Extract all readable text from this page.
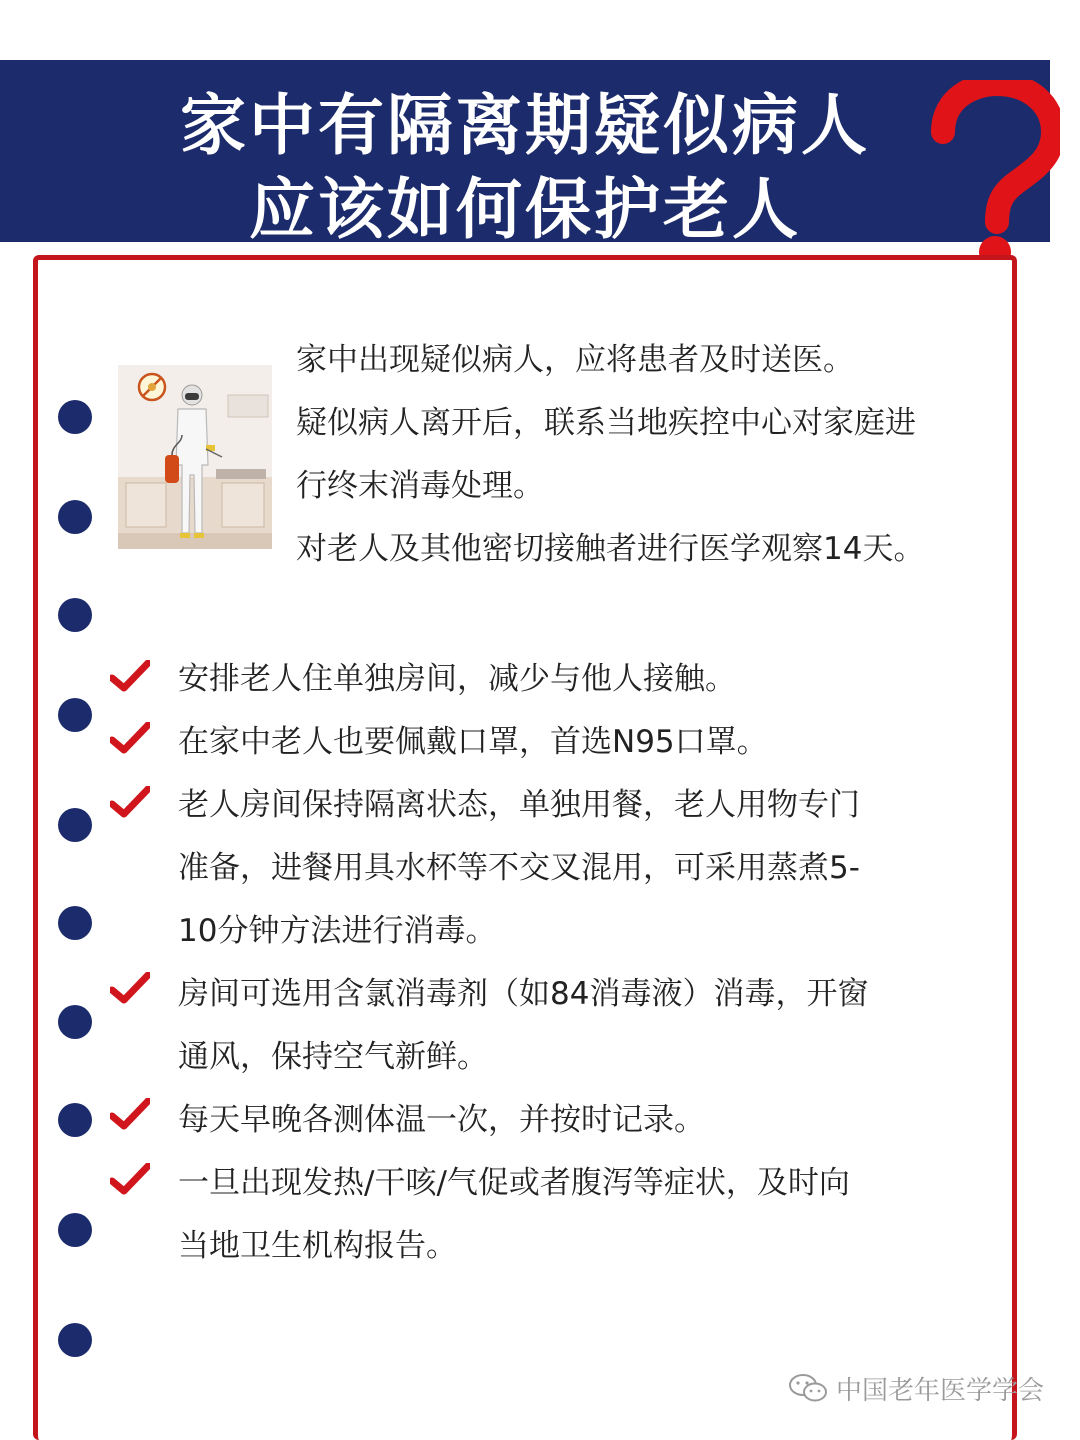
家中有隔离期疑似病人
应该如何保护老人
家中出现疑似病人，应将患者及时送医。
疑似病人离开后，联系当地疾控中心对家庭进
行终末消毒处理。
对老人及其他密切接触者进行医学观察14天。
安排老人住单独房间，减少与他人接触。
在家中老人也要佩戴口罩，首选N95口罩。
老人房间保持隔离状态，单独用餐，老人用物专门
准备，进餐用具水杯等不交叉混用，可采用蒸煮5-
10分钟方法进行消毒。
房间可选用含氯消毒剂（如84消毒液）消毒，开窗
通风，保持空气新鲜。
每天早晚各测体温一次，并按时记录。
一旦出现发热/干咳/气促或者腹泻等症状，及时向
当地卫生机构报告。
中国老年医学学会
